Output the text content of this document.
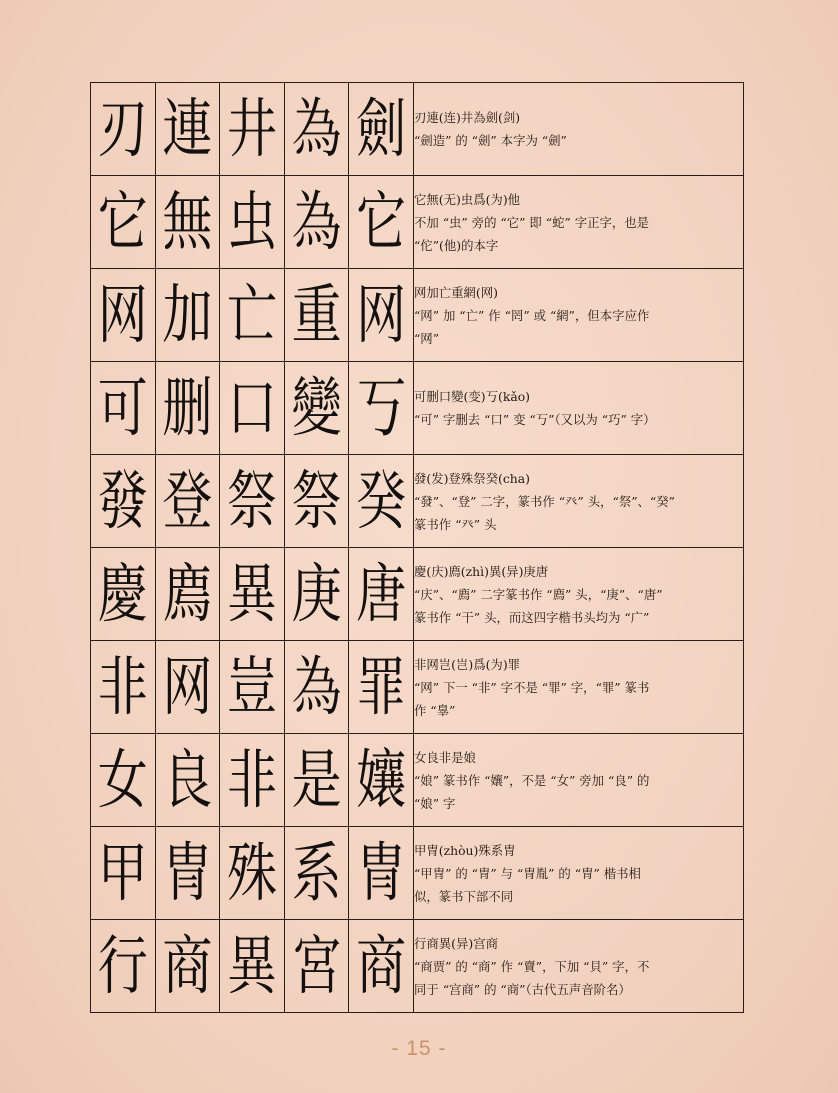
刃	連	井	為	劍	刃連(连)井為劍(剑)
“劍造” 的 “劍” 本字为 “劍”

它	無	虫	為	它	它無(无)虫爲(为)他
不加 “虫” 旁的 “它” 即 “蛇” 字正字，也是
“佗”(他)的本字

网	加	亡	重	网	网加亡重網(网)
“网” 加 “亡” 作 “罔” 或 “網”，但本字应作
“网”

可	删	口	變	丂	可删口變(变)丂(kǎo)
“可” 字删去 “口” 变 “丂”（又以为 “巧” 字）

發	登	祭	祭	癸	發(发)登殊祭癸(cha)
“發”、“登” 二字，篆书作 “癶” 头，“祭”、“癸”
篆书作 “癶” 头

慶	廌	異	庚	唐	慶(庆)廌(zhì)異(异)庚唐
“庆”、“廌” 二字篆书作 “廌” 头，“庚”、“唐”
篆书作 “干” 头，而这四字楷书头均为 “广”

非	网	豈	為	罪	非网岂(岂)爲(为)罪
“网” 下一 “非” 字不是 “罪” 字，“罪” 篆书
作 “辠”

女	良	非	是	孃	女良非是娘
“娘” 篆书作 “孃”，不是 “女” 旁加 “良” 的
“娘” 字

甲	冑	殊	系	冑	甲冑(zhòu)殊系冑
“甲冑” 的 “冑” 与 “冑胤” 的 “冑” 楷书相
似，篆书下部不同

行	商	異	宮	商	行商異(异)宫商
“商贾” 的 “商” 作 “𧶠”，下加 “貝” 字，不
同于 “宫商” 的 “商”（古代五声音阶名）
- 15 -
